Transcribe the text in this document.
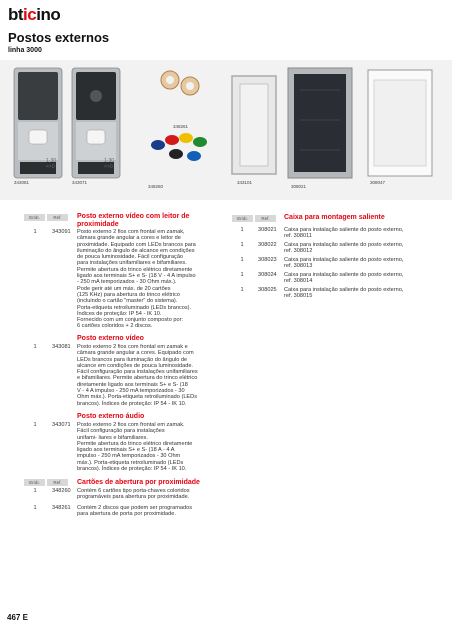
bticino
Postos externos
linha 3000
1·30
××0
1·30
××0
348261
343081	343071
348260
343101
308021
308047
Emb.	Ref.	Posto externo vídeo com leitor de
proximidade
1	343091 Posto externo 2 fios com frontal em zamak,
câmara grande angular a cores e leitor de
proximidade. Equipado com LEDs brancos para
iluminação do ângulo de alcance em condições
de pouca luminosidade. Fácil configuração
para instalações unifamiliares e bifamiliares.
Permite abertura do trinco elétrico diretamente
ligado aos terminais S+ e S- (18 V - 4 A impulso
- 250 mA temporizados - 30 Ohm máx.).
Pode gerir até um máx. de 20 cartões
(125 KHz) para abertura do trinco elétrico
(incluindo o cartão "master" do sistema).
Porta-etiqueta retroiluminado (LEDs brancos).
Índices de proteção: IP 54 - IK 10.
Fornecido com um conjunto composto por:
6 cartões coloridos + 2 discos.
Posto externo vídeo
1	343081 Posto externo 2 fios com frontal em zamak e
câmara grande angular a cores. Equipado com
LEDs brancos para iluminação do ângulo de
alcance em condições de pouca luminosidade.
Fácil configuração para instalações unifamiliares
e bifamiliares. Permite abertura do trinco elétrico
diretamente ligado aos terminais S+ e S- (18
V - 4 A impulso - 250 mA temporizados - 30
Ohm máx.). Porta-etiqueta retroiluminado (LEDs
brancos). Índices de proteção: IP 54 - IK 10.
Posto externo áudio
1	343071 Posto externo 2 fios com frontal em zamak.
Fácil configuração para instalações
unifami- liares e bifamiliares.
Permite abertura do trinco elétrico diretamente
ligado aos terminais S+ e S- (18 A - 4 A
impulso - 250 mA temporizados - 30 Ohm
máx.). Porta-etiqueta retroiluminado (LEDs
brancos). Índices de proteção: IP 54 - IK 10.
Emb.	Ref.	Cartões de abertura por proximidade
1	348260 Contém 6 cartões tipo porta-chaves coloridos
programáveis para abertura por proximidade.
1	348261 Contém 2 discos que podem ser programados
para abertura de porta por proximidade.
Emb.	Ref.	Caixa para montagem saliente
1	308021 Caixa para instalação saliente do posto externo,
ref. 308011
1	308022 Caixa para instalação saliente do posto externo,
ref. 308012
1	308023 Caixa para instalação saliente do posto externo,
ref. 308013
1	308024 Caixa para instalação saliente do posto externo,
ref. 308014
1	308025 Caixa para instalação saliente do posto externo,
ref. 308015
467 E
